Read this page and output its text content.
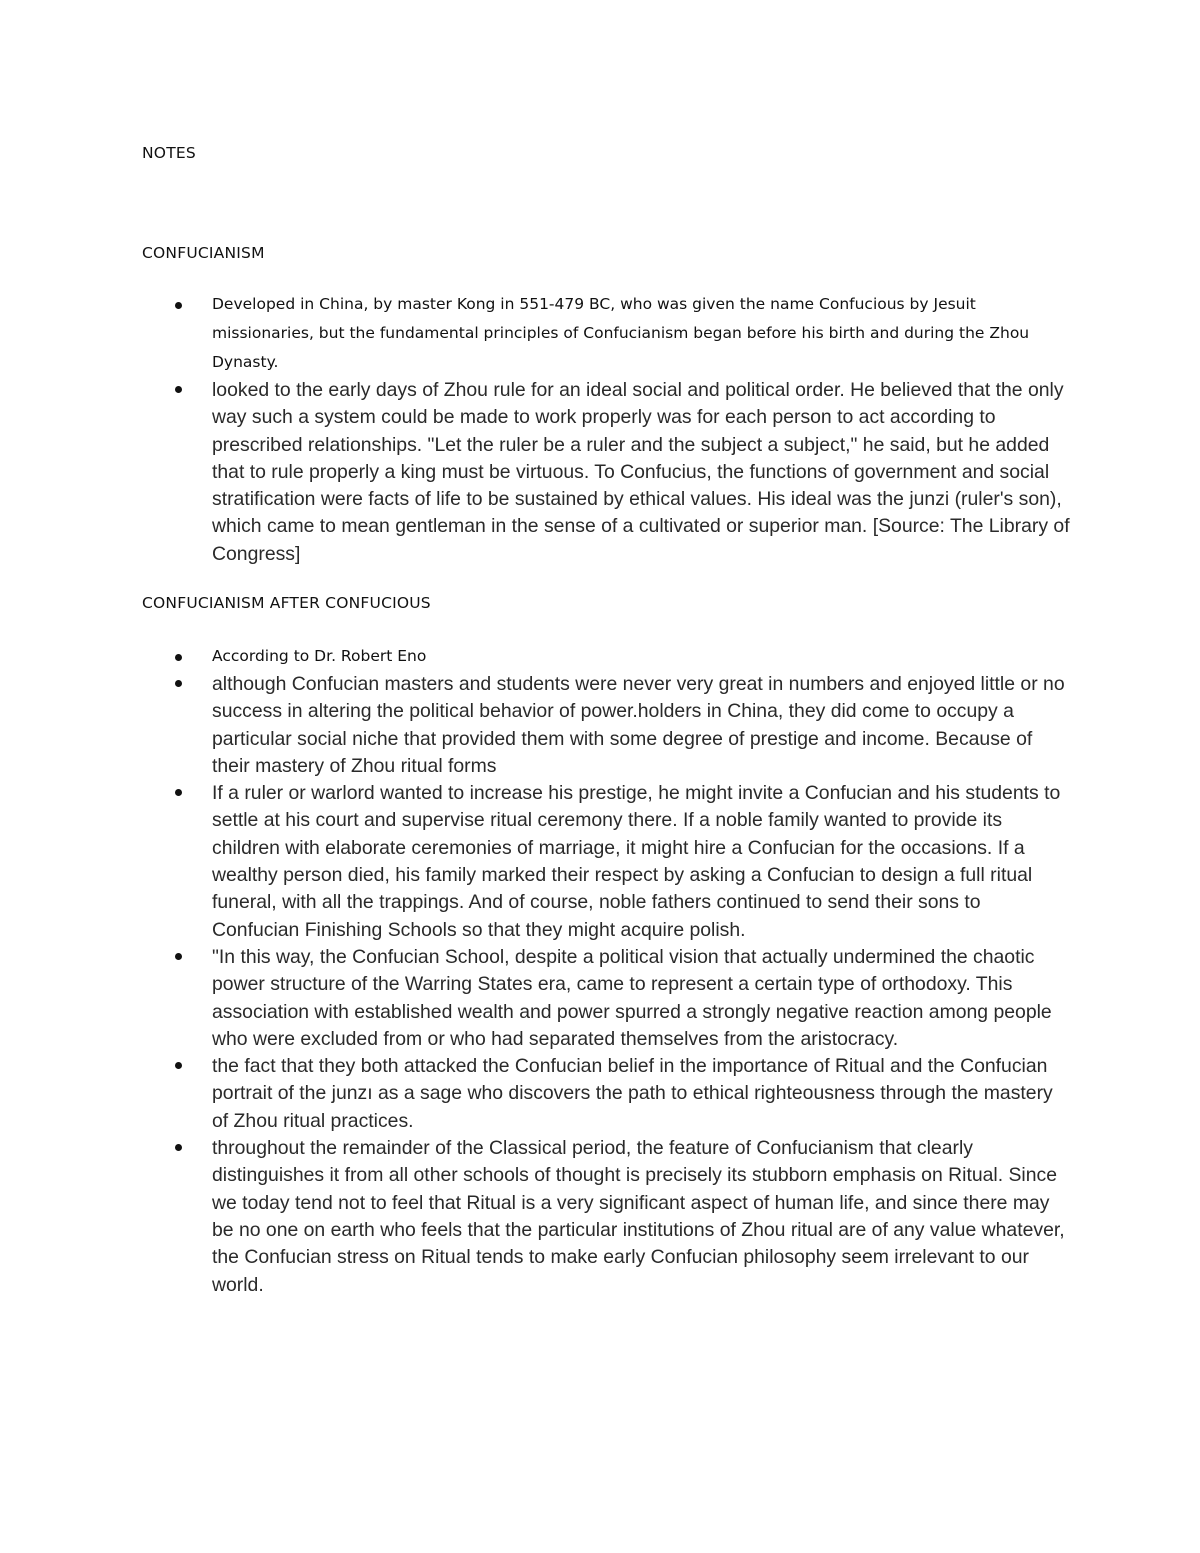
NOTES
CONFUCIANISM
Developed in China, by master Kong in 551-479 BC, who was given the name Confucious by Jesuit missionaries, but the fundamental principles of Confucianism began before his birth and during the Zhou Dynasty.
looked to the early days of Zhou rule for an ideal social and political order. He believed that the only way such a system could be made to work properly was for each person to act according to prescribed relationships. "Let the ruler be a ruler and the subject a subject," he said, but he added that to rule properly a king must be virtuous. To Confucius, the functions of government and social stratification were facts of life to be sustained by ethical values. His ideal was the junzi (ruler's son), which came to mean gentleman in the sense of a cultivated or superior man. [Source: The Library of Congress]
CONFUCIANISM AFTER CONFUCIOUS
According to Dr. Robert Eno
although Confucian masters and students were never very great in numbers and enjoyed little or no success in altering the political behavior of power.holders in China, they did come to occupy a particular social niche that provided them with some degree of prestige and income. Because of their mastery of Zhou ritual forms
If a ruler or warlord wanted to increase his prestige, he might invite a Confucian and his students to settle at his court and supervise ritual ceremony there. If a noble family wanted to provide its children with elaborate ceremonies of marriage, it might hire a Confucian for the occasions. If a wealthy person died, his family marked their respect by asking a Confucian to design a full ritual funeral, with all the trappings. And of course, noble fathers continued to send their sons to Confucian Finishing Schools so that they might acquire polish.
"In this way, the Confucian School, despite a political vision that actually undermined the chaotic power structure of the Warring States era, came to represent a certain type of orthodoxy. This association with established wealth and power spurred a strongly negative reaction among people who were excluded from or who had separated themselves from the aristocracy.
the fact that they both attacked the Confucian belief in the importance of Ritual and the Confucian portrait of the junzı as a sage who discovers the path to ethical righteousness through the mastery of Zhou ritual practices.
throughout the remainder of the Classical period, the feature of Confucianism that clearly distinguishes it from all other schools of thought is precisely its stubborn emphasis on Ritual. Since we today tend not to feel that Ritual is a very significant aspect of human life, and since there may be no one on earth who feels that the particular institutions of Zhou ritual are of any value whatever, the Confucian stress on Ritual tends to make early Confucian philosophy seem irrelevant to our world.
